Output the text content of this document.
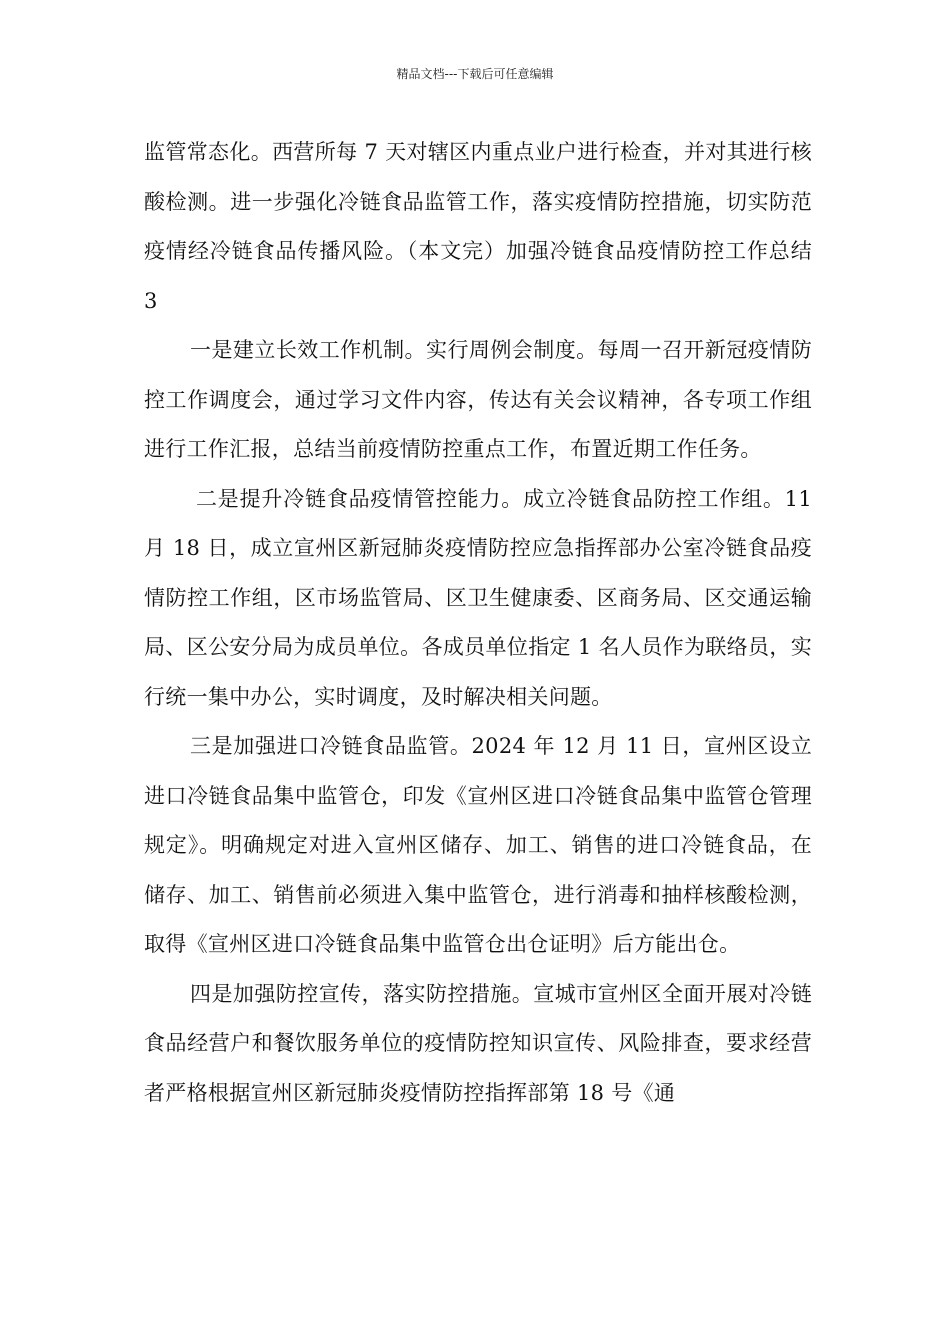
精品文档---下载后可任意编辑

监管常态化。西营所每 7 天对辖区内重点业户进行检查，并对其进行核酸检测。进一步强化冷链食品监管工作，落实疫情防控措施，切实防范疫情经冷链食品传播风险。（本文完）加强冷链食品疫情防控工作总结 3

一是建立长效工作机制。实行周例会制度。每周一召开新冠疫情防控工作调度会，通过学习文件内容，传达有关会议精神，各专项工作组进行工作汇报，总结当前疫情防控重点工作，布置近期工作任务。

二是提升冷链食品疫情管控能力。成立冷链食品防控工作组。11 月 18 日，成立宣州区新冠肺炎疫情防控应急指挥部办公室冷链食品疫情防控工作组，区市场监管局、区卫生健康委、区商务局、区交通运输局、区公安分局为成员单位。各成员单位指定 1 名人员作为联络员，实行统一集中办公，实时调度，及时解决相关问题。

三是加强进口冷链食品监管。2024 年 12 月 11 日，宣州区设立进口冷链食品集中监管仓，印发《宣州区进口冷链食品集中监管仓管理规定》。明确规定对进入宣州区储存、加工、销售的进口冷链食品，在储存、加工、销售前必须进入集中监管仓，进行消毒和抽样核酸检测，取得《宣州区进口冷链食品集中监管仓出仓证明》后方能出仓。

四是加强防控宣传，落实防控措施。宣城市宣州区全面开展对冷链食品经营户和餐饮服务单位的疫情防控知识宣传、风险排查，要求经营者严格根据宣州区新冠肺炎疫情防控指挥部第 18 号《通
